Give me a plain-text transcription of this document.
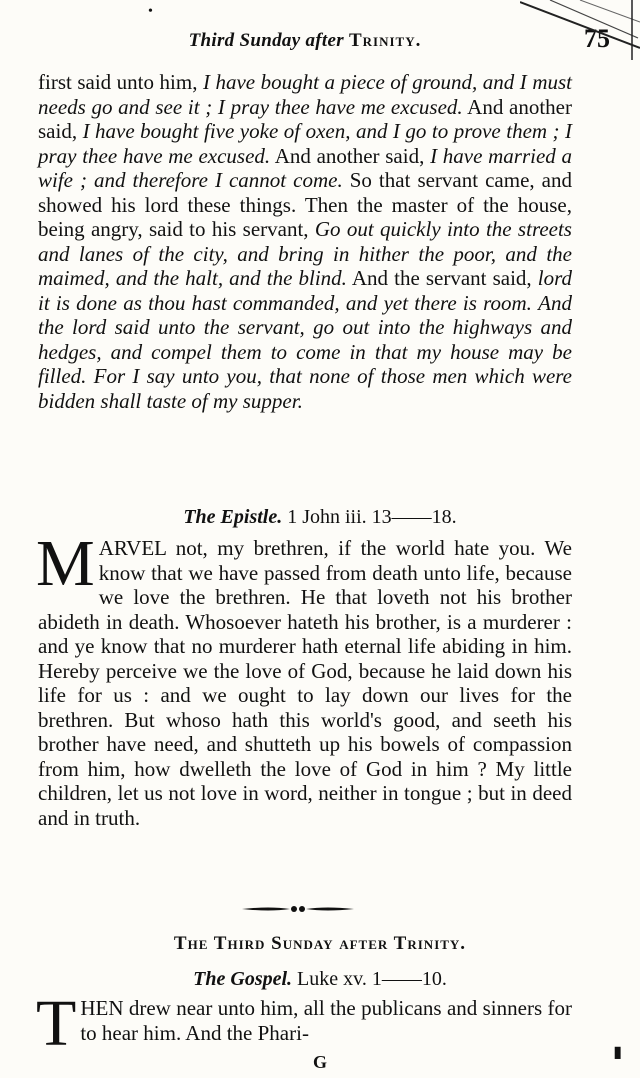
•
Third Sunday after Trinity.	75

first said unto him, I have bought a piece of ground, and I must needs go and see it ; I pray thee have me excused. And another said, I have bought five yoke of oxen, and I go to prove them ; I pray thee have me excused. And another said, I have married a wife ; and therefore I cannot come. So that servant came, and showed his lord these things. Then the master of the house, being angry, said to his servant, Go out quickly into the streets and lanes of the city, and bring in hither the poor, and the maimed, and the halt, and the blind. And the servant said, lord it is done as thou hast commanded, and yet there is room. And the lord said unto the servant, go out into the highways and hedges, and compel them to come in that my house may be filled. For I say unto you, that none of those men which were bidden shall taste of my supper.

The Epistle. 1 John iii. 13——18.

MARVEL not, my brethren, if the world hate you. We know that we have passed from death unto life, because we love the brethren. He that loveth not his brother abideth in death. Whosoever hateth his brother, is a murderer : and ye know that no murderer hath eternal life abiding in him. Hereby perceive we the love of God, because he laid down his life for us : and we ought to lay down our lives for the brethren. But whoso hath this world's good, and seeth his brother have need, and shutteth up his bowels of compassion from him, how dwelleth the love of God in him ? My little children, let us not love in word, neither in tongue ; but in deed and in truth.

The Third Sunday after Trinity.
The Gospel. Luke xv. 1——10.

THEN drew near unto him, all the publicans and sinners for to hear him. And the Phari-

G	▮
